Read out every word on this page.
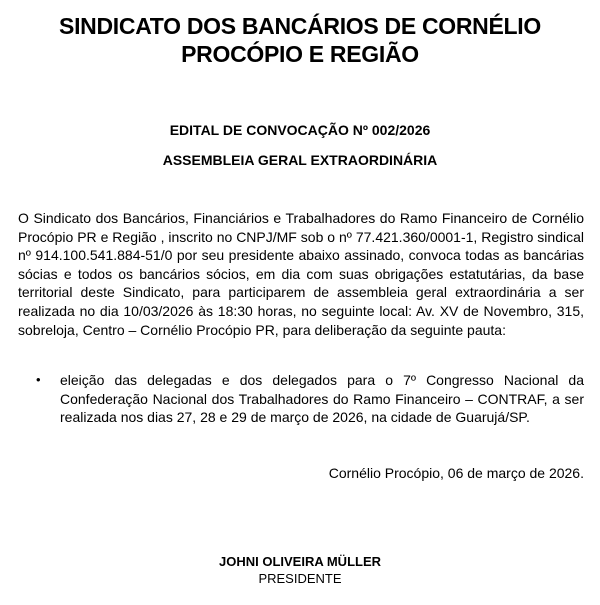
SINDICATO DOS BANCÁRIOS DE CORNÉLIO
PROCÓPIO E REGIÃO
EDITAL DE CONVOCAÇÃO Nº 002/2026
ASSEMBLEIA GERAL EXTRAORDINÁRIA

O Sindicato dos Bancários, Financiários e Trabalhadores do Ramo Financeiro de Cornélio Procópio PR e Região , inscrito no CNPJ/MF sob o nº 77.421.360/0001-1, Registro sindical nº 914.100.541.884-51/0 por seu presidente abaixo assinado, convoca todas as bancárias sócias e todos os bancários sócios, em dia com suas obrigações estatutárias, da base territorial deste Sindicato, para participarem de assembleia geral extraordinária a ser realizada no dia 10/03/2026 às 18:30 horas, no seguinte local: Av. XV de Novembro, 315, sobreloja, Centro – Cornélio Procópio PR, para deliberação da seguinte pauta:

• eleição das delegadas e dos delegados para o 7º Congresso Nacional da Confederação Nacional dos Trabalhadores do Ramo Financeiro – CONTRAF, a ser realizada nos dias 27, 28 e 29 de março de 2026, na cidade de Guarujá/SP.
Cornélio Procópio, 06 de março de 2026.
JOHNI OLIVEIRA MÜLLER
PRESIDENTE
